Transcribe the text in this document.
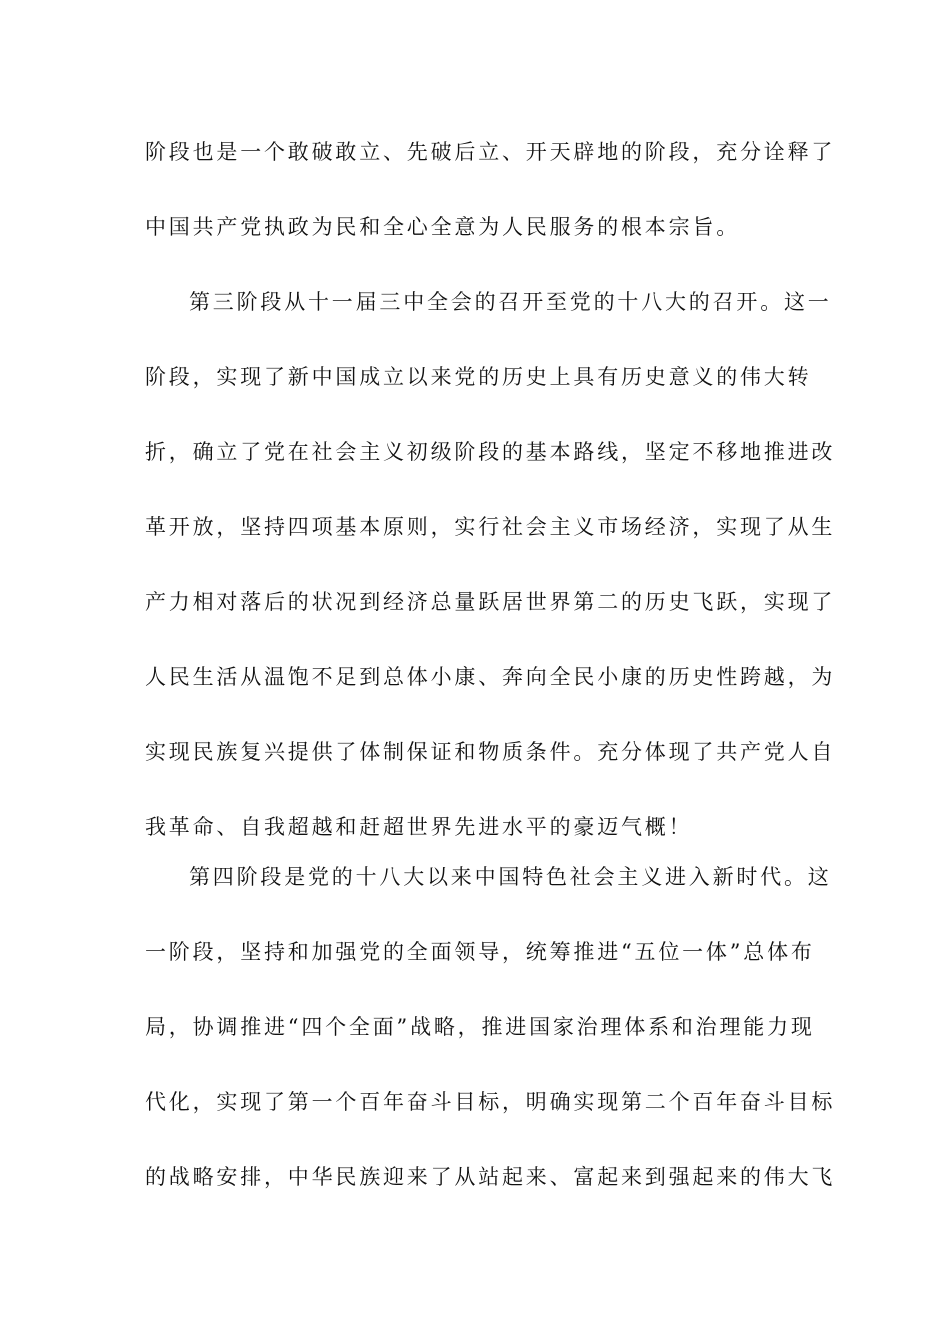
阶段也是一个敢破敢立、先破后立、开天辟地的阶段，充分诠释了
中国共产党执政为民和全心全意为人民服务的根本宗旨。
第三阶段从十一届三中全会的召开至党的十八大的召开。这一
阶段，实现了新中国成立以来党的历史上具有历史意义的伟大转
折，确立了党在社会主义初级阶段的基本路线，坚定不移地推进改
革开放，坚持四项基本原则，实行社会主义市场经济，实现了从生
产力相对落后的状况到经济总量跃居世界第二的历史飞跃，实现了
人民生活从温饱不足到总体小康、奔向全民小康的历史性跨越，为
实现民族复兴提供了体制保证和物质条件。充分体现了共产党人自
我革命、自我超越和赶超世界先进水平的豪迈气概！
第四阶段是党的十八大以来中国特色社会主义进入新时代。这
一阶段，坚持和加强党的全面领导，统筹推进“五位一体”总体布
局，协调推进“四个全面”战略，推进国家治理体系和治理能力现
代化，实现了第一个百年奋斗目标，明确实现第二个百年奋斗目标
的战略安排，中华民族迎来了从站起来、富起来到强起来的伟大飞
